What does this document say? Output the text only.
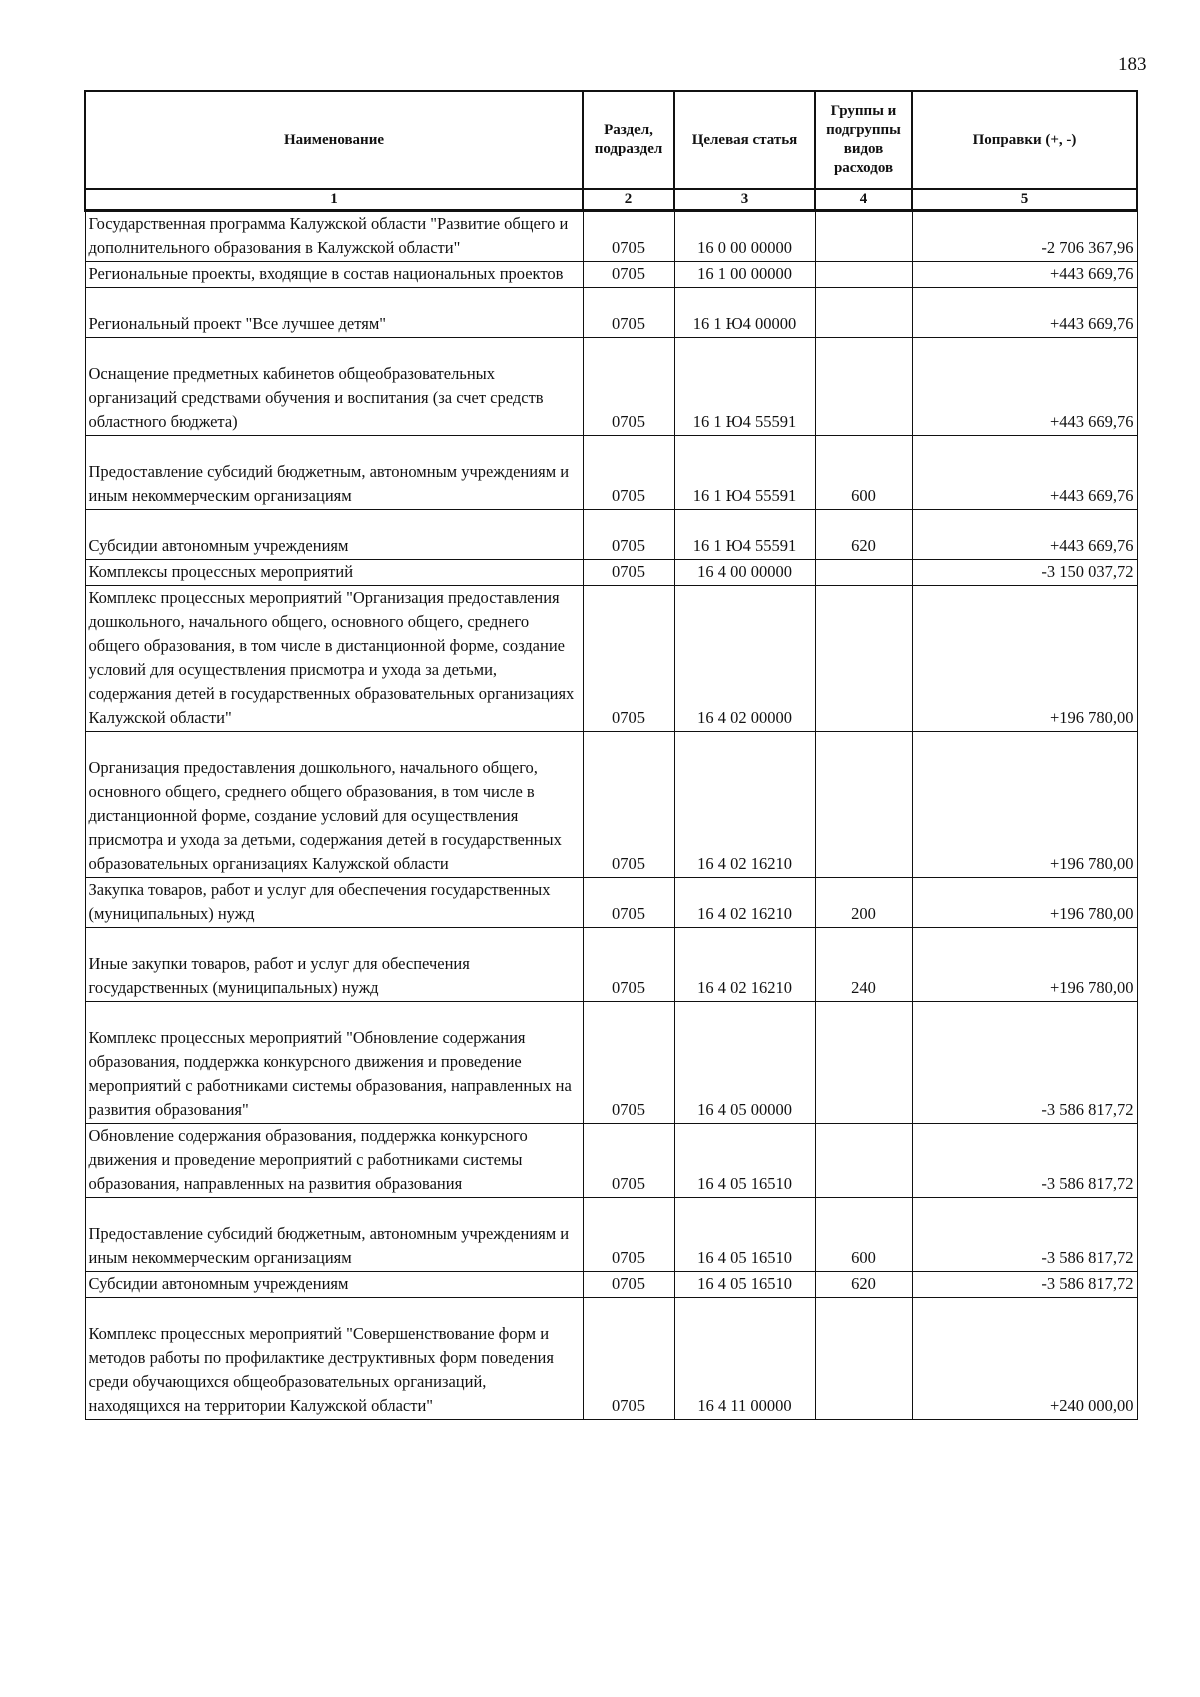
183
Наименование	Раздел, подраздел	Целевая статья	Группы и подгруппы видов расходов	Поправки (+, -)
1	2	3	4	5
Государственная программа Калужской области "Развитие общего и дополнительного образования в Калужской области"	0705	16 0 00 00000		-2 706 367,96
Региональные проекты, входящие в состав национальных проектов	0705	16 1 00 00000		+443 669,76
Региональный проект "Все лучшее детям"	0705	16 1 Ю4 00000		+443 669,76
Оснащение предметных кабинетов общеобразовательных организаций средствами обучения и воспитания (за счет средств областного бюджета)	0705	16 1 Ю4 55591		+443 669,76
Предоставление субсидий бюджетным, автономным учреждениям и иным некоммерческим организациям	0705	16 1 Ю4 55591	600	+443 669,76
Субсидии автономным учреждениям	0705	16 1 Ю4 55591	620	+443 669,76
Комплексы процессных мероприятий	0705	16 4 00 00000		-3 150 037,72
Комплекс процессных мероприятий "Организация предоставления дошкольного, начального общего, основного общего, среднего общего образования, в том числе в дистанционной форме, создание условий для осуществления присмотра и ухода за детьми, содержания детей в государственных образовательных организациях Калужской области"	0705	16 4 02 00000		+196 780,00
Организация предоставления дошкольного, начального общего, основного общего, среднего общего образования, в том числе в дистанционной форме, создание условий для осуществления присмотра и ухода за детьми, содержания детей в государственных образовательных организациях Калужской области	0705	16 4 02 16210		+196 780,00
Закупка товаров, работ и услуг для обеспечения государственных (муниципальных) нужд	0705	16 4 02 16210	200	+196 780,00
Иные закупки товаров, работ и услуг для обеспечения государственных (муниципальных) нужд	0705	16 4 02 16210	240	+196 780,00
Комплекс процессных мероприятий "Обновление содержания образования, поддержка конкурсного движения и проведение мероприятий с работниками системы образования, направленных на развития образования"	0705	16 4 05 00000		-3 586 817,72
Обновление содержания образования, поддержка конкурсного движения и проведение мероприятий с работниками системы образования, направленных на развития образования	0705	16 4 05 16510		-3 586 817,72
Предоставление субсидий бюджетным, автономным учреждениям и иным некоммерческим организациям	0705	16 4 05 16510	600	-3 586 817,72
Субсидии автономным учреждениям	0705	16 4 05 16510	620	-3 586 817,72
Комплекс процессных мероприятий "Совершенствование форм и методов работы по профилактике деструктивных форм поведения среди обучающихся общеобразовательных организаций, находящихся на территории Калужской области"	0705	16 4 11 00000		+240 000,00
